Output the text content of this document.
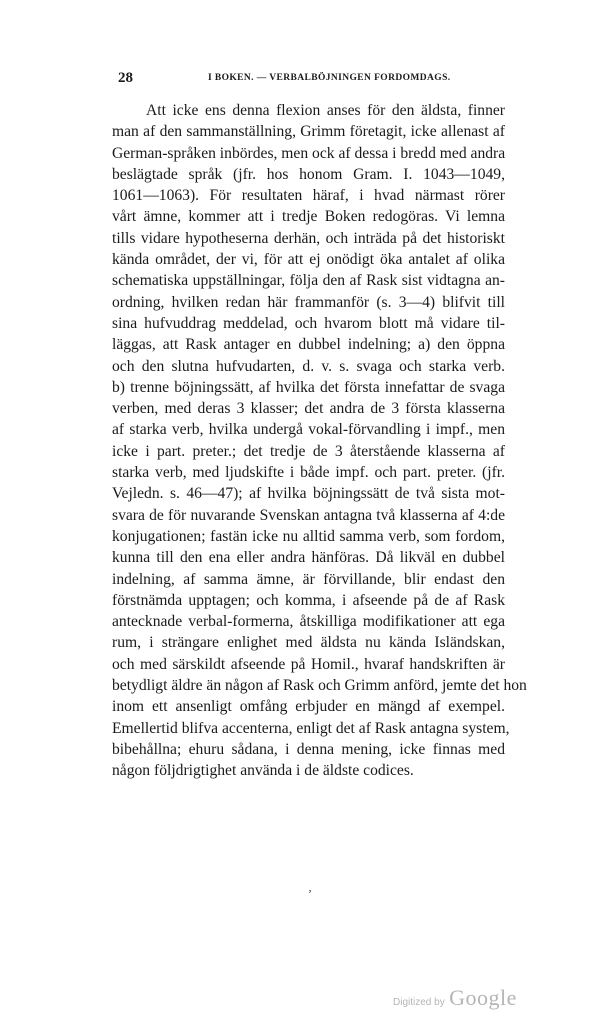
28	I BOKEN. — VERBALBÖJNINGEN FORDOMDAGS.
Att icke ens denna flexion anses för den äldsta, finner
man af den sammanställning, Grimm företagit, icke allenast af
German-språken inbördes, men ock af dessa i bredd med andra
beslägtade språk (jfr. hos honom Gram. I. 1043—1049,
1061—1063). För resultaten häraf, i hvad närmast rörer
vårt ämne, kommer att i tredje Boken redogöras. Vi lemna
tills vidare hypotheserna derhän, och inträda på det historiskt
kända området, der vi, för att ej onödigt öka antalet af olika
schematiska uppställningar, följa den af Rask sist vidtagna an-
ordning, hvilken redan här frammanför (s. 3—4) blifvit till
sina hufvuddrag meddelad, och hvarom blott må vidare til-
läggas, att Rask antager en dubbel indelning; a) den öppna
och den slutna hufvudarten, d. v. s. svaga och starka verb.
b) trenne böjningssätt, af hvilka det första innefattar de svaga
verben, med deras 3 klasser; det andra de 3 första klasserna
af starka verb, hvilka undergå vokal-förvandling i impf., men
icke i part. preter.; det tredje de 3 återstående klasserna af
starka verb, med ljudskifte i både impf. och part. preter. (jfr.
Vejledn. s. 46—47); af hvilka böjningssätt de två sista mot-
svara de för nuvarande Svenskan antagna två klasserna af 4:de
konjugationen; fastän icke nu alltid samma verb, som fordom,
kunna till den ena eller andra hänföras. Då likväl en dubbel
indelning, af samma ämne, är förvillande, blir endast den
förstnämda upptagen; och komma, i afseende på de af Rask
antecknade verbal-formerna, åtskilliga modifikationer att ega
rum, i strängare enlighet med äldsta nu kända Isländskan,
och med särskildt afseende på Homil., hvaraf handskriften är
betydligt äldre än någon af Rask och Grimm anförd, jemte det hon
inom ett ansenligt omfång erbjuder en mängd af exempel.
Emellertid blifva accenterna, enligt det af Rask antagna system,
bibehållna; ehuru sådana, i denna mening, icke finnas med
någon följdrigtighet använda i de äldste codices.
‚
Digitized by Google
